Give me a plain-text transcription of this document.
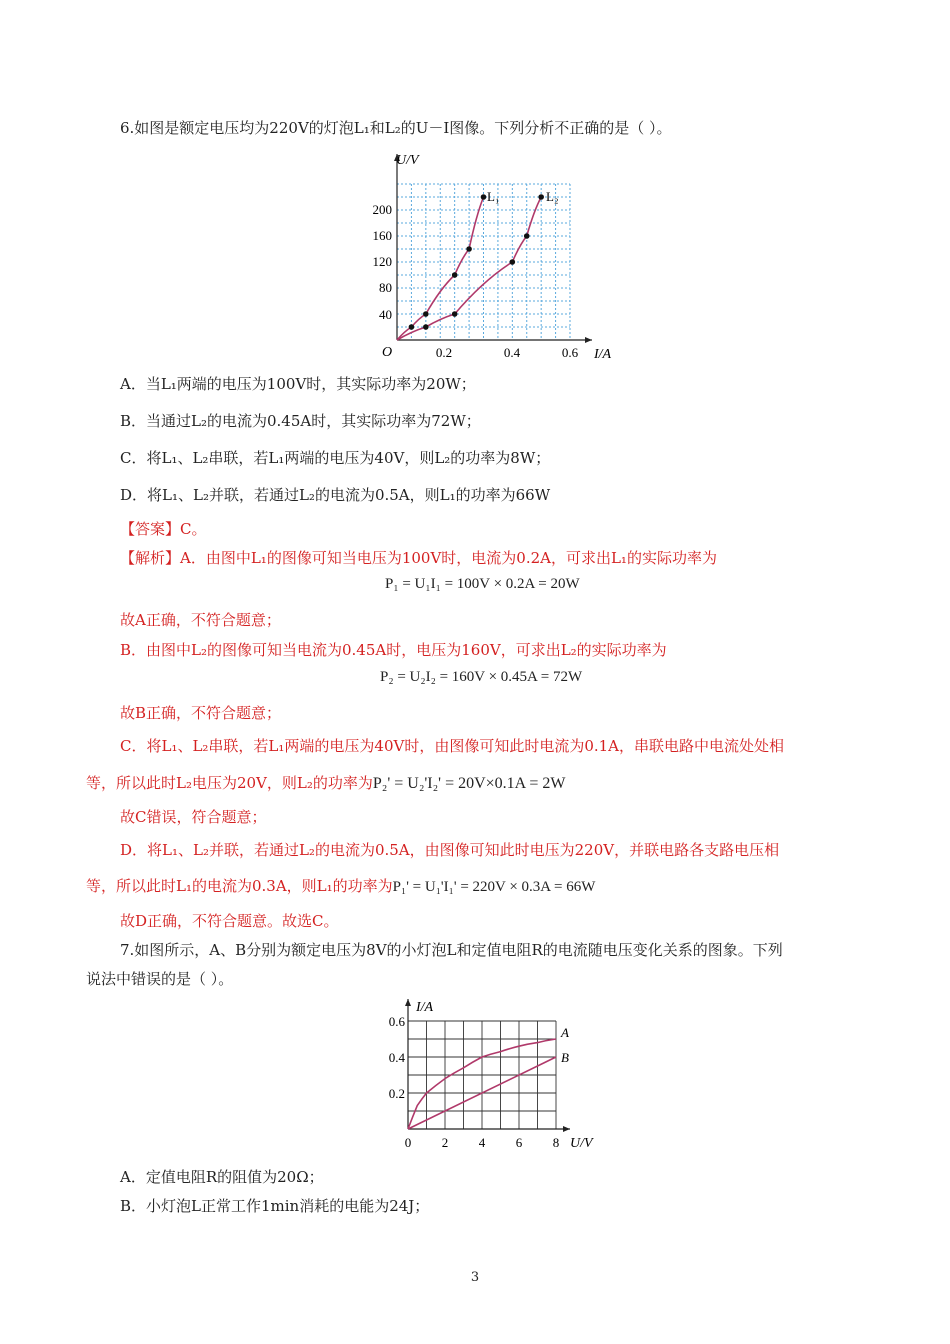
6.如图是额定电压均为220V的灯泡L₁和L₂的U－I图像。下列分析不正确的是（ ）。
U/V
I/A
O	0.2	0.4	0.6
40
80
120
160
200
L₁	L₂
A．当L₁两端的电压为100V时，其实际功率为20W；
B．当通过L₂的电流为0.45A时，其实际功率为72W；
C．将L₁、L₂串联，若L₁两端的电压为40V，则L₂的功率为8W；
D．将L₁、L₂并联，若通过L₂的电流为0.5A，则L₁的功率为66W
【答案】C。
【解析】A．由图中L₁的图像可知当电压为100V时，电流为0.2A，可求出L₁的实际功率为
P₁ = U₁I₁ = 100V × 0.2A = 20W
故A正确，不符合题意；
B．由图中L₂的图像可知当电流为0.45A时，电压为160V，可求出L₂的实际功率为
P₂ = U₂I₂ = 160V × 0.45A = 72W
故B正确，不符合题意；
C．将L₁、L₂串联，若L₁两端的电压为40V时，由图像可知此时电流为0.1A，串联电路中电流处处相
等，所以此时L₂电压为20V，则L₂的功率为P₂' = U₂'I₂' = 20V×0.1A = 2W
故C错误，符合题意；
D．将L₁、L₂并联，若通过L₂的电流为0.5A，由图像可知此时电压为220V，并联电路各支路电压相
等，所以此时L₁的电流为0.3A，则L₁的功率为P₁' = U₁'I₁' = 220V × 0.3A = 66W
故D正确，不符合题意。故选C。
7.如图所示，A、B分别为额定电压为8V的小灯泡L和定值电阻R的电流随电压变化关系的图象。下列
说法中错误的是（ ）。
I/A
U/V
0 2 4 6 8
0.2
0.4
0.6
A
B
A．定值电阻R的阻值为20Ω；
B．小灯泡L正常工作1min消耗的电能为24J；
3
